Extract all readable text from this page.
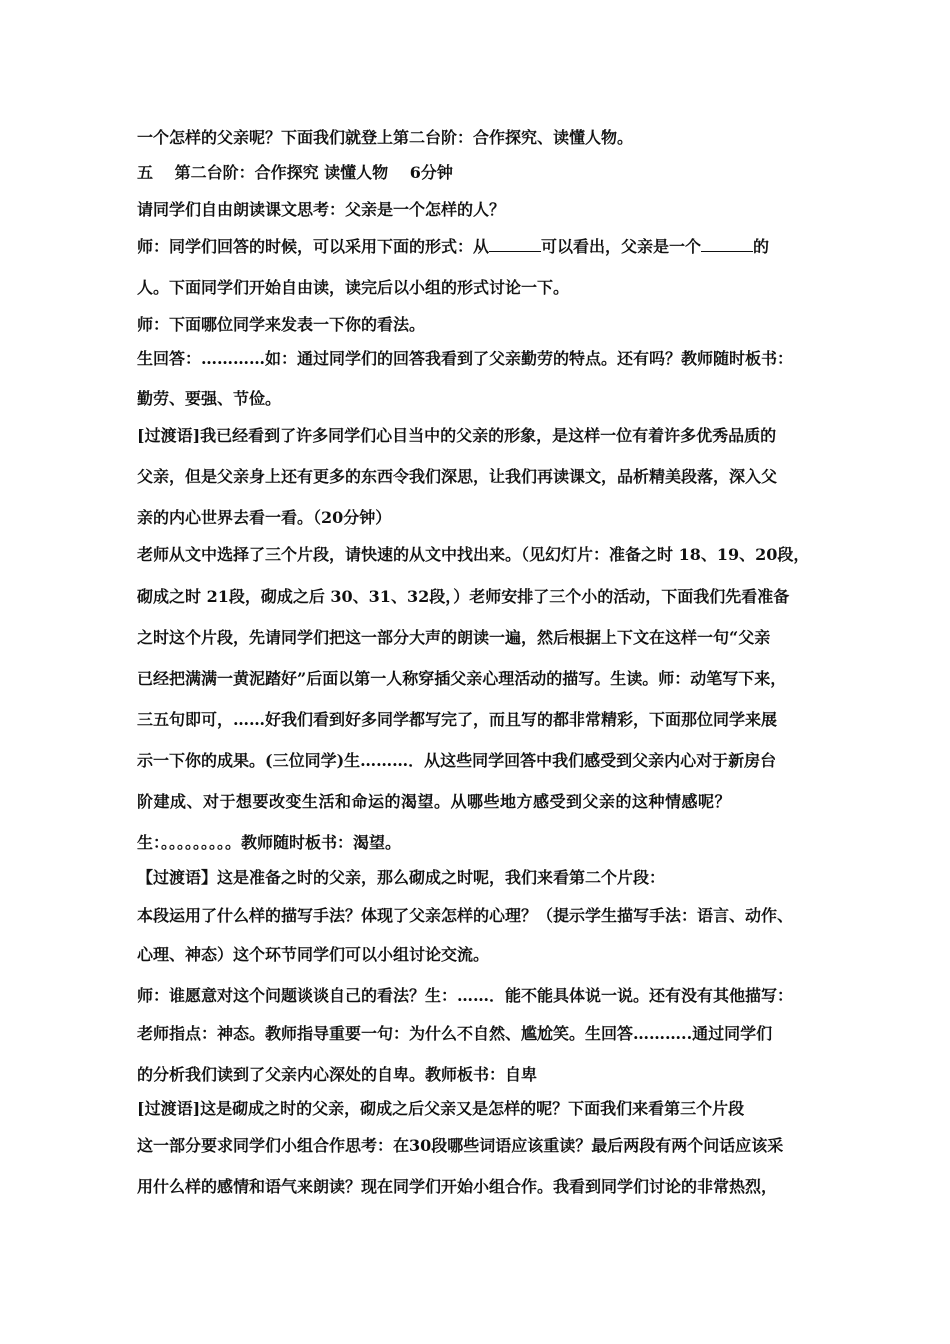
一个怎样的父亲呢？下面我们就登上第二台阶：合作探究、读懂人物。
五　 第二台阶：合作探究 读懂人物　 6分钟
请同学们自由朗读课文思考：父亲是一个怎样的人？
师：同学们回答的时候，可以采用下面的形式：从	可以看出，父亲是一个	的
人。下面同学们开始自由读，读完后以小组的形式讨论一下。
师：下面哪位同学来发表一下你的看法。
生回答：…………如：通过同学们的回答我看到了父亲勤劳的特点。还有吗？教师随时板书：
勤劳、要强、节俭。
[过渡语]我已经看到了许多同学们心目当中的父亲的形象，是这样一位有着许多优秀品质的
父亲，但是父亲身上还有更多的东西令我们深思，让我们再读课文，品析精美段落，深入父
亲的内心世界去看一看。（20分钟）
老师从文中选择了三个片段，请快速的从文中找出来。（见幻灯片：准备之时 18、19、20段，
砌成之时 21段，砌成之后 30、31、32段，）老师安排了三个小的活动，下面我们先看准备
之时这个片段，先请同学们把这一部分大声的朗读一遍，然后根据上下文在这样一句“父亲
已经把满满一黄泥踏好”后面以第一人称穿插父亲心理活动的描写。生读。师：动笔写下来，
三五句即可，……好我们看到好多同学都写完了，而且写的都非常精彩，下面那位同学来展
示一下你的成果。(三位同学)生………．从这些同学回答中我们感受到父亲内心对于新房台
阶建成、对于想要改变生活和命运的渴望。从哪些地方感受到父亲的这种情感呢？
生：。。。。。。。。。教师随时板书：渴望。
【过渡语】这是准备之时的父亲，那么砌成之时呢，我们来看第二个片段：
本段运用了什么样的描写手法？体现了父亲怎样的心理？（提示学生描写手法：语言、动作、
心理、神态）这个环节同学们可以小组讨论交流。
师：谁愿意对这个问题谈谈自己的看法？生：……．能不能具体说一说。还有没有其他描写：
老师指点：神态。教师指导重要一句：为什么不自然、尴尬笑。生回答………..通过同学们
的分析我们读到了父亲内心深处的自卑。教师板书：自卑
[过渡语]这是砌成之时的父亲，砌成之后父亲又是怎样的呢？下面我们来看第三个片段
这一部分要求同学们小组合作思考：在30段哪些词语应该重读？最后两段有两个问话应该采
用什么样的感情和语气来朗读？现在同学们开始小组合作。我看到同学们讨论的非常热烈，
